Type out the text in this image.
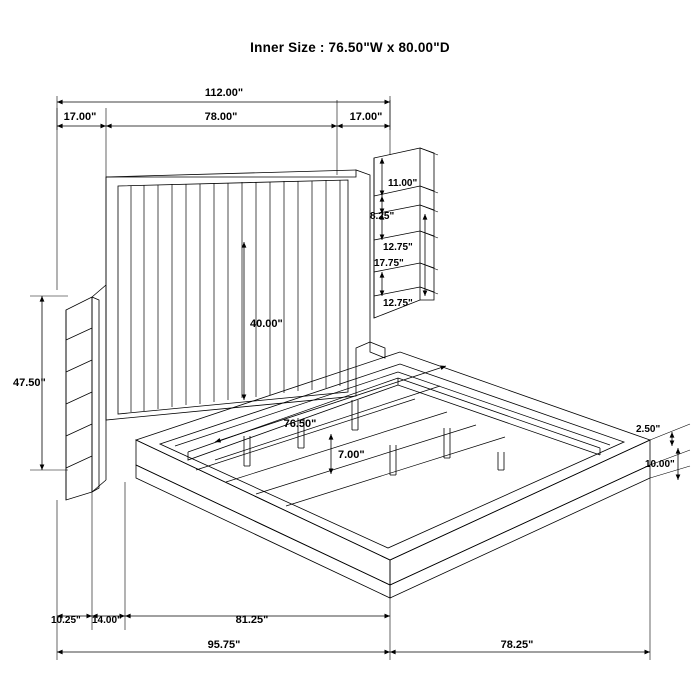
Inner Size : 76.50"W x 80.00"D
112.00"
17.00"	78.00"	17.00"
11.00"
8.25"
12.75"
17.75"
12.75"
40.00"
47.50"
76.50"
7.00"
2.50"
10.00"
10.25" 14.00"	81.25"
95.75"	78.25"
